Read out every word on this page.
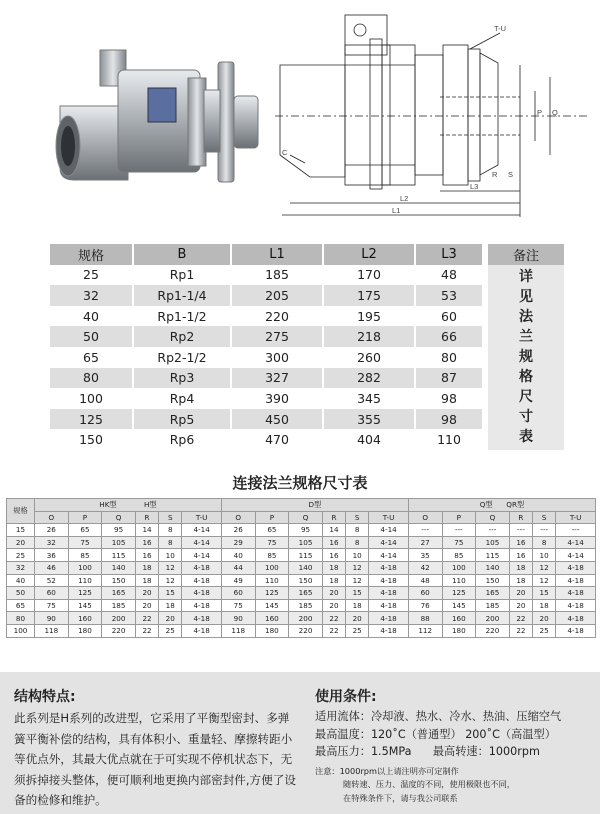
T-U
C
R S
P Q
L2
L1
L3
规格	B	L1	L2	L3	备注
25	Rp1	185	170	48	详见法兰规格尺寸表

32	Rp1-1/4	205	175	53	
40	Rp1-1/2	220	195	60	
50	Rp2	275	218	66	
65	Rp2-1/2	300	260	80	
80	Rp3	327	282	87	
100	Rp4	390	345	98	
125	Rp5	450	355	98	
150	Rp6	470	404	110	
连接法兰规格尺寸表
规格	HK型 H型						D型						Q型 QR型					
	O	P	Q	R	S	T-U	O	P	Q	R	S	T-U	O	P	Q	R	S	T-U
15	26	65	95	14	8	4-14	26	65	95	14	8	4-14	---	---	---	---	---	---
20	32	75	105	16	8	4-14	29	75	105	16	8	4-14	27	75	105	16	8	4-14
25	36	85	115	16	10	4-14	40	85	115	16	10	4-14	35	85	115	16	10	4-14
32	46	100	140	18	12	4-18	44	100	140	18	12	4-18	42	100	140	18	12	4-18
40	52	110	150	18	12	4-18	49	110	150	18	12	4-18	48	110	150	18	12	4-18
50	60	125	165	20	15	4-18	60	125	165	20	15	4-18	60	125	165	20	15	4-18
65	75	145	185	20	18	4-18	75	145	185	20	18	4-18	76	145	185	20	18	4-18
80	90	160	200	22	20	4-18	90	160	200	22	20	4-18	88	160	200	22	20	4-18
100	118	180	220	22	25	4-18	118	180	220	22	25	4-18	112	180	220	22	25	4-18
结构特点:
此系列是H系列的改进型，它采用了平衡型密封、多弹簧平衡补偿的结构，具有体积小、重量轻、摩擦转距小等优点外，其最大优点就在于可实现不停机状态下，无须拆掉接头整体，便可顺利地更换内部密封件,方便了设备的检修和维护。
使用条件:
适用流体：冷却液、热水、冷水、热油、压缩空气
最高温度：120˚C（普通型） 200˚C（高温型）
最高压力：1.5MPa 最高转速：1000rpm
注意：1000rpm以上请注明亦可定制作
随转速、压力、温度的不同，使用极限也不同，
在特殊条件下，请与我公司联系
